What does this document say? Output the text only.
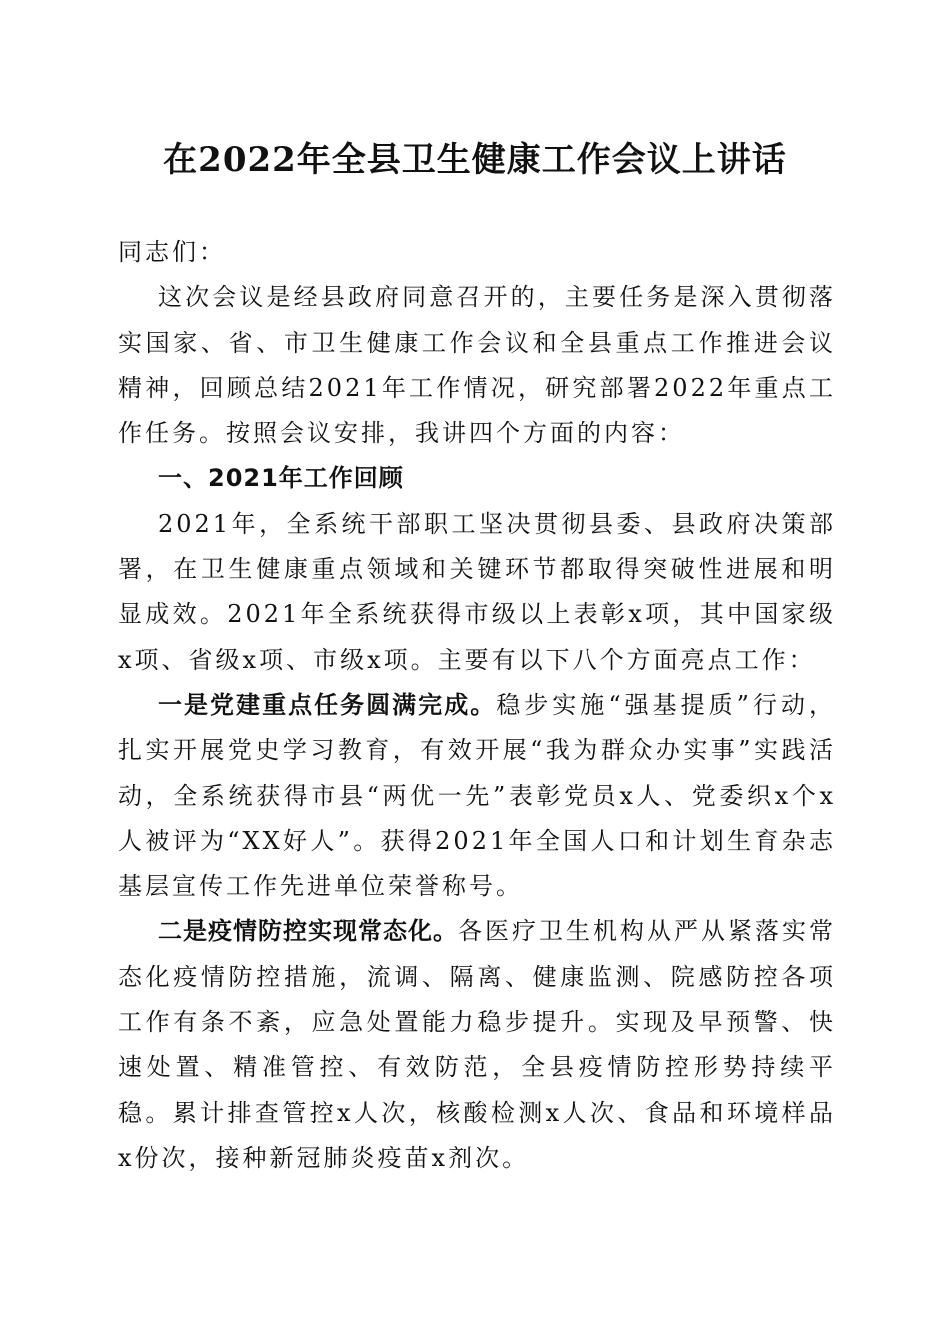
在2022年全县卫生健康工作会议上讲话

同志们：

这次会议是经县政府同意召开的，主要任务是深入贯彻落实国家、省、市卫生健康工作会议和全县重点工作推进会议精神，回顾总结2021年工作情况，研究部署2022年重点工作任务。按照会议安排，我讲四个方面的内容：

一、2021年工作回顾

2021年，全系统干部职工坚决贯彻县委、县政府决策部署，在卫生健康重点领域和关键环节都取得突破性进展和明显成效。2021年全系统获得市级以上表彰x项，其中国家级x项、省级x项、市级x项。主要有以下八个方面亮点工作：

一是党建重点任务圆满完成。稳步实施“强基提质”行动，扎实开展党史学习教育，有效开展“我为群众办实事”实践活动，全系统获得市县“两优一先”表彰党员x人、党委织x个x人被评为“XX好人”。获得2021年全国人口和计划生育杂志基层宣传工作先进单位荣誉称号。

二是疫情防控实现常态化。各医疗卫生机构从严从紧落实常态化疫情防控措施，流调、隔离、健康监测、院感防控各项工作有条不紊，应急处置能力稳步提升。实现及早预警、快速处置、精准管控、有效防范，全县疫情防控形势持续平稳。累计排查管控x人次，核酸检测x人次、食品和环境样品x份次，接种新冠肺炎疫苗x剂次。
